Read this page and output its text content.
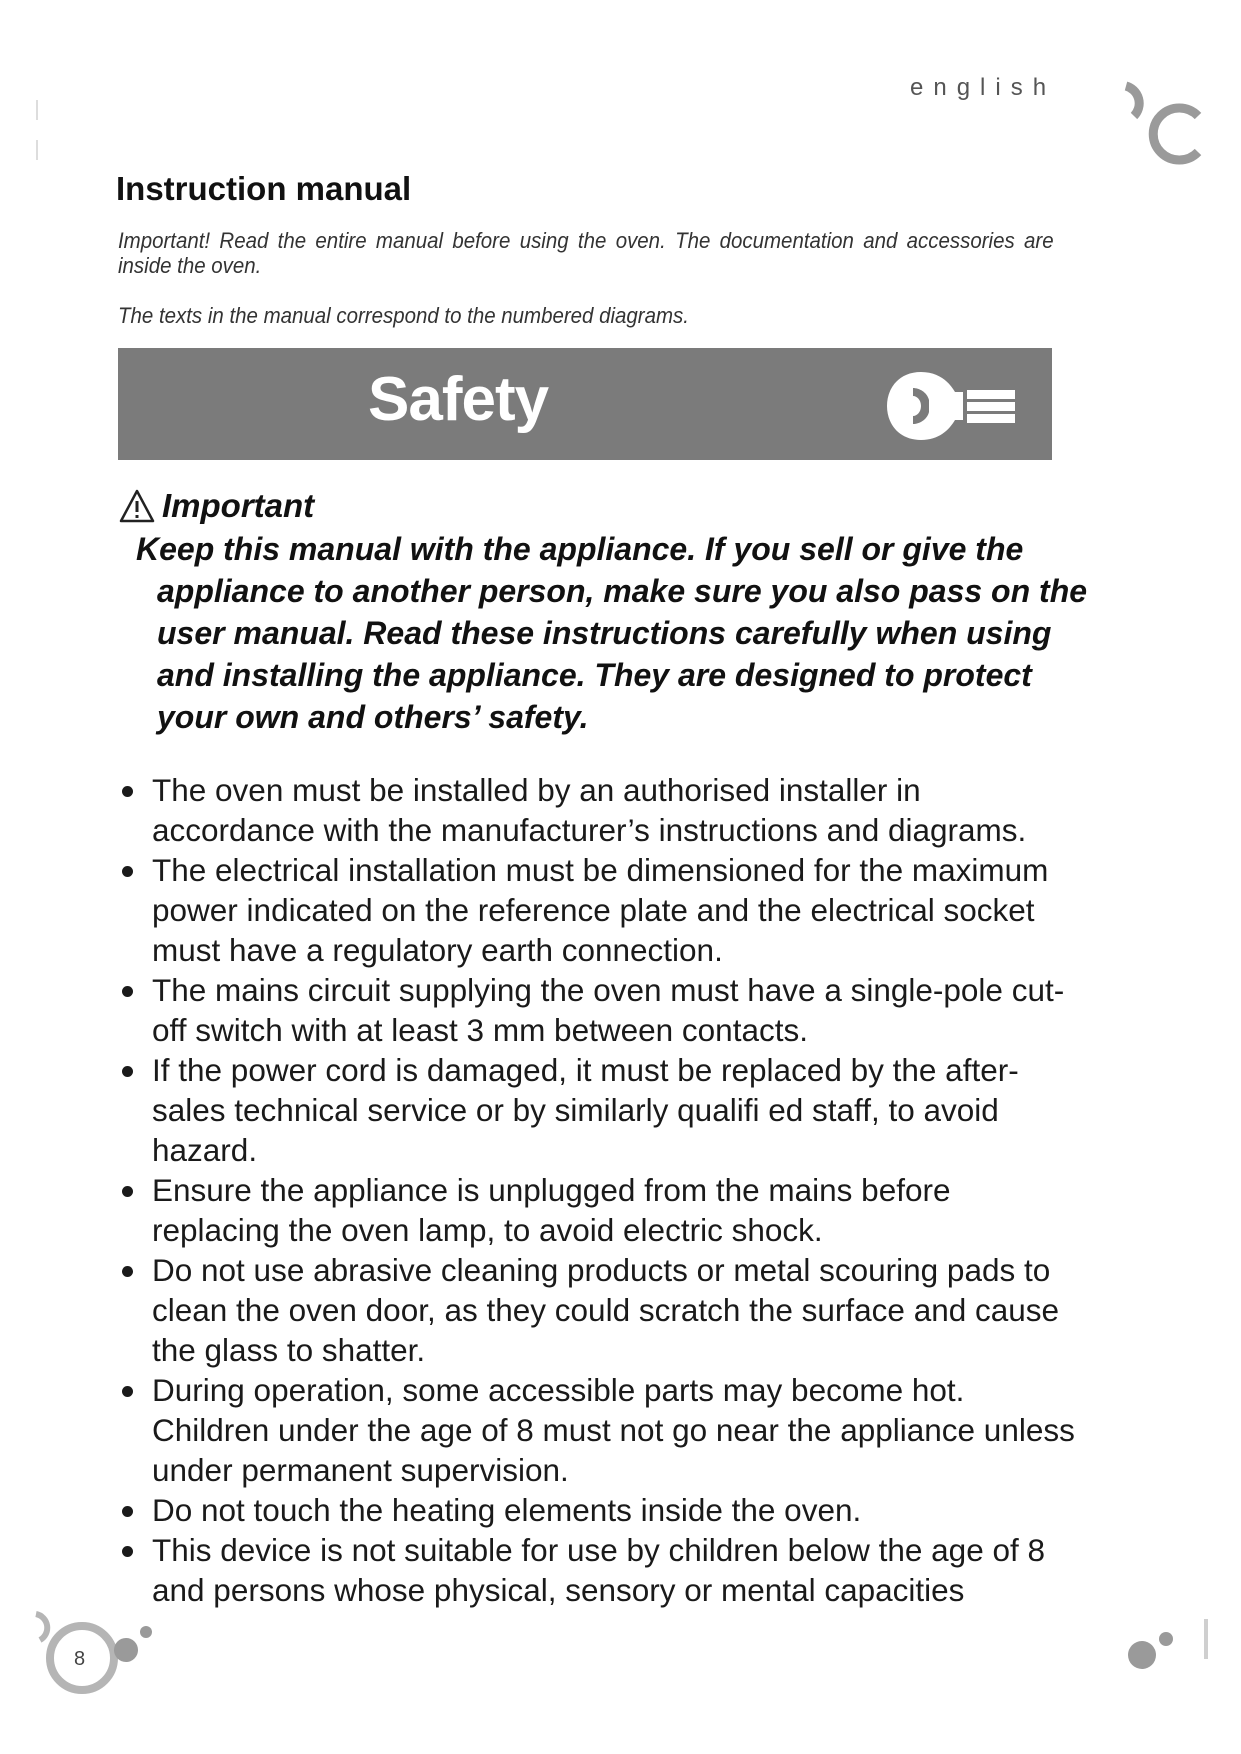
english
Instruction manual

Important! Read the entire manual before using the oven. The documentation and accessories are inside the oven.

The texts in the manual correspond to the numbered diagrams.

Safety
Important

Keep this manual with the appliance. If you sell or give the appliance to another person, make sure you also pass on the user manual. Read these instructions carefully when using and installing the appliance. They are designed to protect your own and others’ safety.

The oven must be installed by an authorised installer in accordance with the manufacturer’s instructions and diagrams.
The electrical installation must be dimensioned for the maximum power indicated on the reference plate and the electrical socket must have a regulatory earth connection.
The mains circuit supplying the oven must have a single-pole cut-off switch with at least 3 mm between contacts.
If the power cord is damaged, it must be replaced by the after-sales technical service or by similarly qualifi ed staff, to avoid hazard.
Ensure the appliance is unplugged from the mains before replacing the oven lamp, to avoid electric shock.
Do not use abrasive cleaning products or metal scouring pads to clean the oven door, as they could scratch the surface and cause the glass to shatter.
During operation, some accessible parts may become hot. Children under the age of 8 must not go near the appliance unless under permanent supervision.
Do not touch the heating elements inside the oven.
This device is not suitable for use by children below the age of 8 and persons whose physical, sensory or mental capacities
8
